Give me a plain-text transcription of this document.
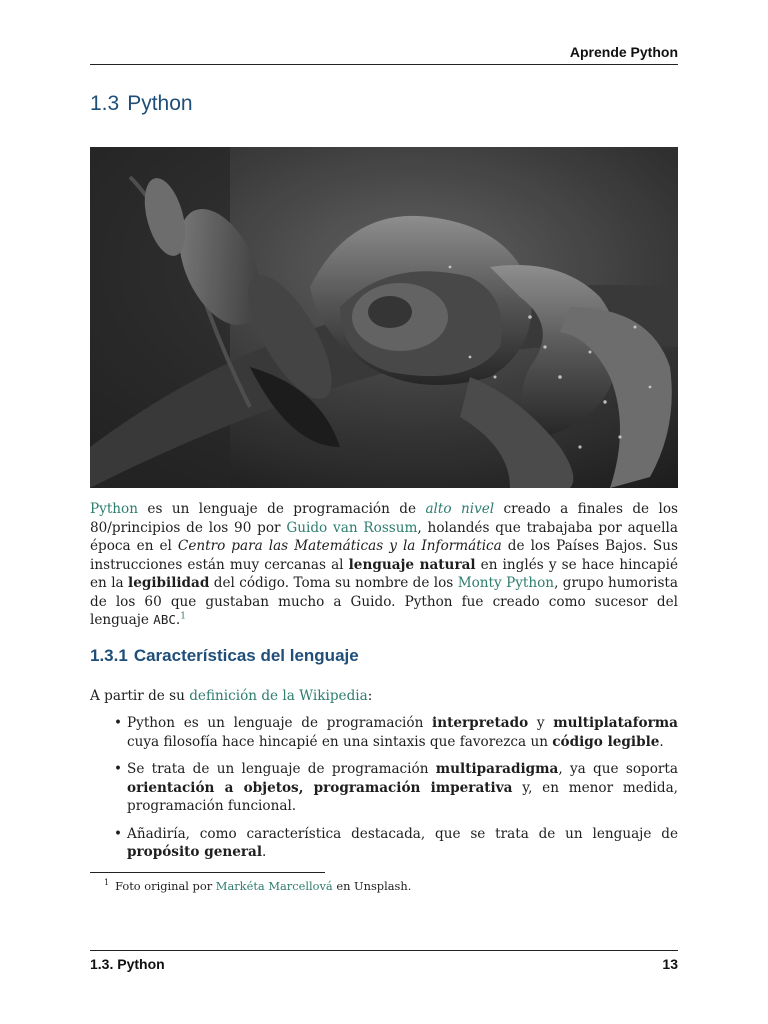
Aprende Python
1.3 Python

Python es un lenguaje de programación de alto nivel creado a finales de los 80/principios de los 90 por Guido van Rossum, holandés que trabajaba por aquella época en el Centro para las Matemáticas y la Informática de los Países Bajos. Sus instrucciones están muy cercanas al lenguaje natural en inglés y se hace hincapié en la legibilidad del código. Toma su nombre de los Monty Python, grupo humorista de los 60 que gustaban mucho a Guido. Python fue creado como sucesor del lenguaje ABC.$^1$

1.3.1 Características del lenguaje

A partir de su definición de la Wikipedia:

• Python es un lenguaje de programación interpretado y multiplataforma cuya filosofía hace hincapié en una sintaxis que favorezca un código legible.
• Se trata de un lenguaje de programación multiparadigma, ya que soporta orientación a objetos, programación imperativa y, en menor medida, programación funcional.
• Añadiría, como característica destacada, que se trata de un lenguaje de propósito general.

$^1$ Foto original por Markéta Marcellová en Unsplash.

1.3. Python	13
